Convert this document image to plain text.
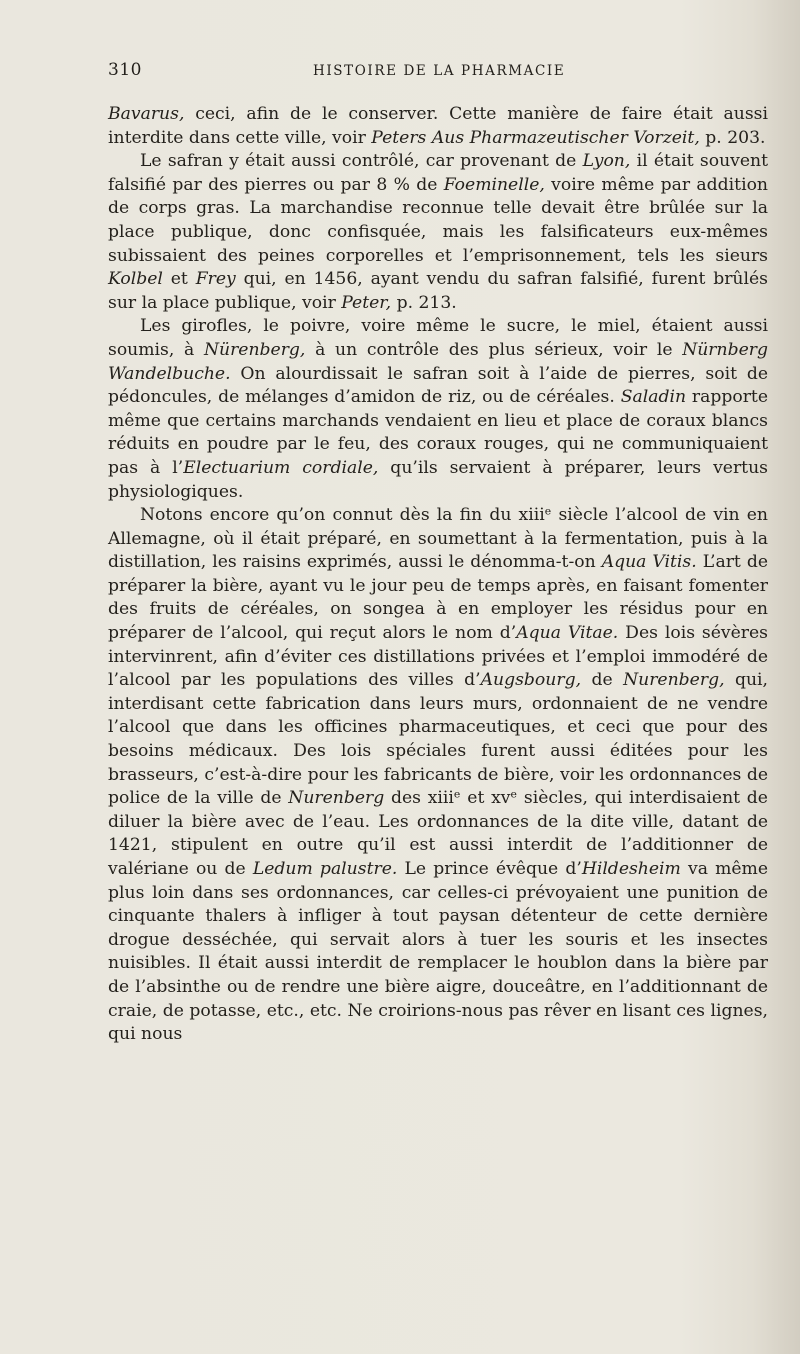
310	HISTOIRE DE LA PHARMACIE

Bavarus, ceci, afin de le conserver. Cette manière de faire était aussi interdite dans cette ville, voir Peters Aus Pharmazeutischer Vorzeit, p. 203.

Le safran y était aussi contrôlé, car provenant de Lyon, il était souvent falsifié par des pierres ou par 8 % de Foeminelle, voire même par addition de corps gras. La marchandise reconnue telle devait être brûlée sur la place publique, donc confisquée, mais les falsificateurs eux-mêmes subissaient des peines corporelles et l’emprisonnement, tels les sieurs Kolbel et Frey qui, en 1456, ayant vendu du safran falsifié, furent brûlés sur la place publique, voir Peter, p. 213.

Les girofles, le poivre, voire même le sucre, le miel, étaient aussi soumis, à Nürenberg, à un contrôle des plus sérieux, voir le Nürnberg Wandelbuche. On alourdissait le safran soit à l’aide de pierres, soit de pédoncules, de mélanges d’amidon de riz, ou de céréales. Saladin rapporte même que certains marchands vendaient en lieu et place de coraux blancs réduits en poudre par le feu, des coraux rouges, qui ne communiquaient pas à l’Electuarium cordiale, qu’ils servaient à préparer, leurs vertus physiologiques.

Notons encore qu’on connut dès la fin du xiiiᵉ siècle l’alcool de vin en Allemagne, où il était préparé, en soumettant à la fermentation, puis à la distillation, les raisins exprimés, aussi le dénomma-t-on Aqua Vitis. L’art de préparer la bière, ayant vu le jour peu de temps après, en faisant fomenter des fruits de céréales, on songea à en employer les résidus pour en préparer de l’alcool, qui reçut alors le nom d’Aqua Vitae. Des lois sévères intervinrent, afin d’éviter ces distillations privées et l’emploi immodéré de l’alcool par les populations des villes d’Augsbourg, de Nurenberg, qui, interdisant cette fabrication dans leurs murs, ordonnaient de ne vendre l’alcool que dans les officines pharmaceutiques, et ceci que pour des besoins médicaux. Des lois spéciales furent aussi éditées pour les brasseurs, c’est-à-dire pour les fabricants de bière, voir les ordonnances de police de la ville de Nurenberg des xiiiᵉ et xvᵉ siècles, qui interdisaient de diluer la bière avec de l’eau. Les ordonnances de la dite ville, datant de 1421, stipulent en outre qu’il est aussi interdit de l’additionner de valériane ou de Ledum palustre. Le prince évêque d’Hildesheim va même plus loin dans ses ordonnances, car celles-ci prévoyaient une punition de cinquante thalers à infliger à tout paysan détenteur de cette dernière drogue desséchée, qui servait alors à tuer les souris et les insectes nuisibles. Il était aussi interdit de remplacer le houblon dans la bière par de l’absinthe ou de rendre une bière aigre, douceâtre, en l’additionnant de craie, de potasse, etc., etc. Ne croirions-nous pas rêver en lisant ces lignes, qui nous
